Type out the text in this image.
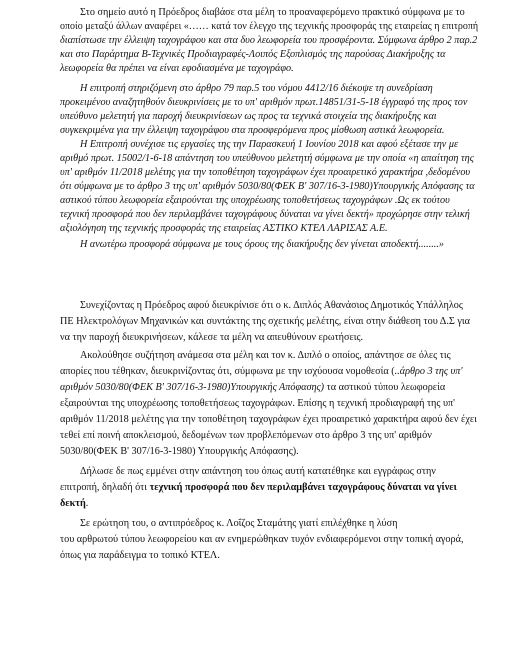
Στο σημείο αυτό η Πρόεδρος διαβάσε στα μέλη το προαναφερόμενο πρακτικό σύμφωνα με το
οποίο μεταξύ άλλων αναφέρει «…… κατά τον έλεγχο της τεχνικής προσφοράς της εταιρείας η επιτροπή
διαπίστωσε την έλλειψη ταχογράφου και στα δυο λεωφορεία του προσφέροντα. Σύμφωνα άρθρο 2 παρ.2
και στο Παράρτημα Β-Τεχνικές Προδιαγραφές-Λοιπός Εξοπλισμός της παρούσας Διακήρυξης τα
λεωφορεία θα πρέπει να είναι εφοδιασμένα με ταχογράφο.
Η επιτροπή στηριζόμενη στο άρθρο 79 παρ.5 του νόμου 4412/16 διέκοψε τη συνεδρίαση
προκειμένου αναζητηθούν διευκρινίσεις με το υπ' αριθμόν πρωτ.14851/31-5-18 έγγραφό της προς τον
υπεύθυνο μελετητή για παροχή διευκρινίσεων ως προς τα τεχνικά στοιχεία της διακήρυξης και
συγκεκριμένα για την έλλειψη ταχογράφου στα προσφερόμενα προς μίσθωση αστικά λεωφορεία.
Η Επιτροπή συνέχισε τις εργασίες της την Παρασκευή 1 Ιουνίου 2018 και αφού εξέτασε την με
αριθμό πρωτ. 15002/1-6-18 απάντηση του υπεύθυνου μελετητή σύμφωνα με την οποία «η απαίτηση της
υπ' αριθμόν 11/2018 μελέτης για την τοποθέτηση ταχογράφων έχει προαιρετικό χαρακτήρα ,δεδομένου
ότι σύμφωνα με το άρθρο 3 της υπ' αριθμόν 5030/80(ΦΕΚ Β' 307/16-3-1980)Υπουργικής Απόφασης τα
αστικού τύπου λεωφορεία εξαιρούνται της υποχρέωσης τοποθετήσεως ταχογράφων .Ως εκ τούτου
τεχνική προσφορά που δεν περιλαμβάνει ταχογράφους δύναται να γίνει δεκτή» προχώρησε στην τελική
αξιολόγηση της τεχνικής προσφοράς της εταιρείας ΑΣΤΙΚΟ ΚΤΕΛ ΛΑΡΙΣΑΣ Α.Ε.
Η ανωτέρω προσφορά σύμφωνα με τους όρους της διακήρυξης δεν γίνεται αποδεκτή........»
Συνεχίζοντας η Πρόεδρος αφού διευκρίνισε ότι ο κ. Διπλός Αθανάσιος Δημοτικός Υπάλληλος
ΠΕ Ηλεκτρολόγων Μηχανικών και συντάκτης της σχετικής μελέτης, είναι στην διάθεση του Δ.Σ για
να την παροχή διευκρινήσεων, κάλεσε τα μέλη να απευθύνουν ερωτήσεις.
Ακολούθησε συζήτηση ανάμεσα στα μέλη και τον κ. Διπλό ο οποίος, απάντησε σε όλες τις
απορίες που τέθηκαν, διευκρινίζοντας ότι, σύμφωνα με την ισχύουσα νομοθεσία (..άρθρο 3 της υπ'
αριθμόν 5030/80(ΦΕΚ Β' 307/16-3-1980)Υπουργικής Απόφασης) τα αστικού τύπου λεωφορεία
εξαιρούνται της υποχρέωσης τοποθετήσεως ταχογράφων. Επίσης η τεχνική προδιαγραφή της υπ'
αριθμόν 11/2018 μελέτης για την τοποθέτηση ταχογράφων έχει προαιρετικό χαρακτήρα αφού δεν έχει
τεθεί επί ποινή αποκλεισμού, δεδομένων των προβλεπόμενων στο άρθρο 3 της υπ' αριθμόν
5030/80(ΦΕΚ Β' 307/16-3-1980) Υπουργικής Απόφασης).
Δήλωσε δε πως εμμένει στην απάντηση του όπως αυτή κατατέθηκε και εγγράφως στην
επιτροπή, δηλαδή ότι τεχνική προσφορά που δεν περιλαμβάνει ταχογράφους δύναται να γίνει
δεκτή.
Σε ερώτηση του, ο αντιπρόεδρος κ. Λοΐζος Σταμάτης γιατί επιλέχθηκε η λύση
του αρθρωτού τύπου λεωφορείου και αν ενημερώθηκαν τυχόν ενδιαφερόμενοι στην τοπική αγορά,
όπως για παράδειγμα το τοπικό ΚΤΕΛ.
